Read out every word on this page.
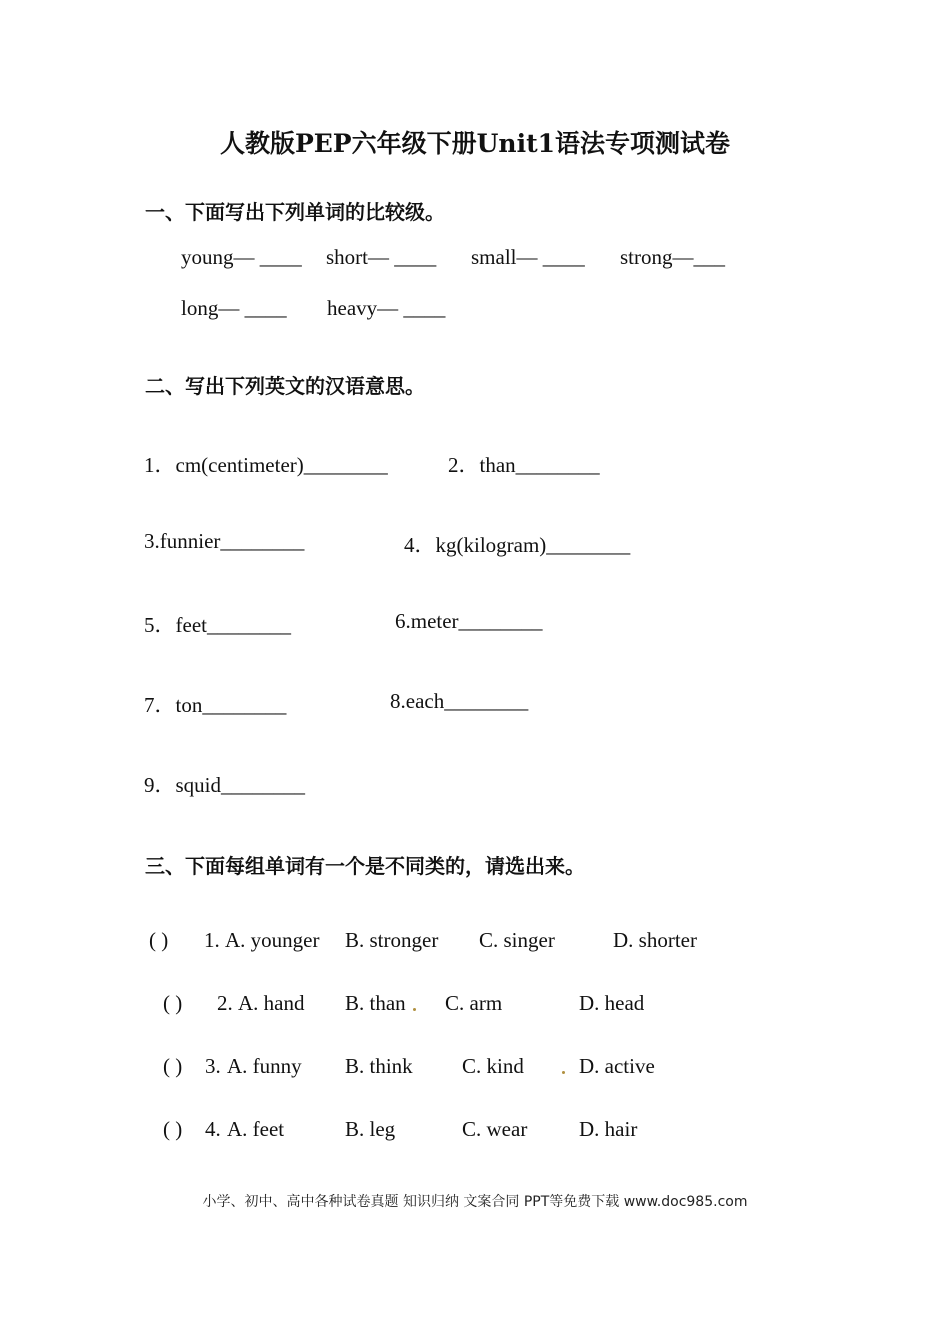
人教版PEP六年级下册Unit1语法专项测试卷
一、下面写出下列单词的比较级。
young— ____ short— ____ small— ____ strong—___
long— ____ heavy— ____
二、写出下列英文的汉语意思。
1．cm(centimeter)________	2．than________
3.funnier________	4．kg(kilogram)________
5．feet________	6.meter________
7．ton________	8.each________
9．squid________
三、下面每组单词有一个是不同类的，请选出来。
( ) 1. A. younger B. stronger C. singer	D. shorter
( ) 2. A. hand B. than C. arm	D. head
( ) 3. A. funny B. think C. kind	D. active
( ) 4. A. feet	B. leg	C. wear D. hair
小学、初中、高中各种试卷真题 知识归纳 文案合同 PPT等免费下载 www.doc985.com
